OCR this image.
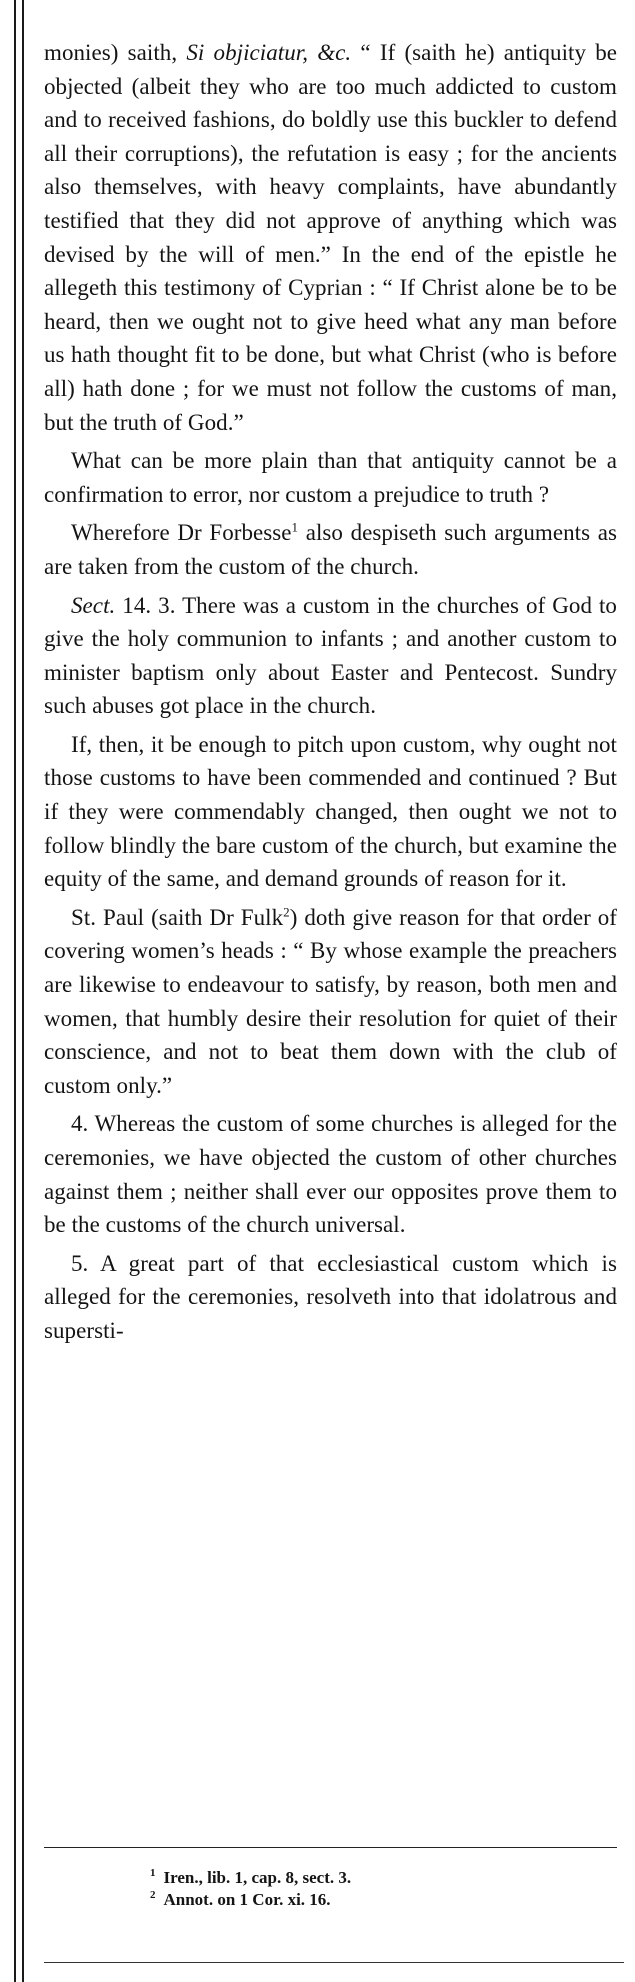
monies) saith, Si objiciatur, &c. “ If (saith he) antiquity be objected (albeit they who are too much addicted to custom and to received fashions, do boldly use this buckler to defend all their corruptions), the refutation is easy ; for the ancients also themselves, with heavy complaints, have abundantly testified that they did not approve of anything which was devised by the will of men.” In the end of the epistle he allegeth this testimony of Cyprian : “ If Christ alone be to be heard, then we ought not to give heed what any man before us hath thought fit to be done, but what Christ (who is before all) hath done ; for we must not follow the customs of man, but the truth of God.”

What can be more plain than that antiquity cannot be a confirmation to error, nor custom a prejudice to truth ?

Wherefore Dr Forbesse$^1$ also despiseth such arguments as are taken from the custom of the church.

Sect. 14. 3. There was a custom in the churches of God to give the holy communion to infants ; and another custom to minister baptism only about Easter and Pentecost. Sundry such abuses got place in the church.

If, then, it be enough to pitch upon custom, why ought not those customs to have been commended and continued ? But if they were commendably changed, then ought we not to follow blindly the bare custom of the church, but examine the equity of the same, and demand grounds of reason for it.

St. Paul (saith Dr Fulk$^2$) doth give reason for that order of covering women’s heads : “ By whose example the preachers are likewise to endeavour to satisfy, by reason, both men and women, that humbly desire their resolution for quiet of their conscience, and not to beat them down with the club of custom only.”

4. Whereas the custom of some churches is alleged for the ceremonies, we have objected the custom of other churches against them ; neither shall ever our opposites prove them to be the customs of the church universal.

5. A great part of that ecclesiastical custom which is alleged for the ceremonies, resolveth into that idolatrous and supersti-

$^1$ Iren., lib. 1, cap. 8, sect. 3.
$^2$ Annot. on 1 Cor. xi. 16.
